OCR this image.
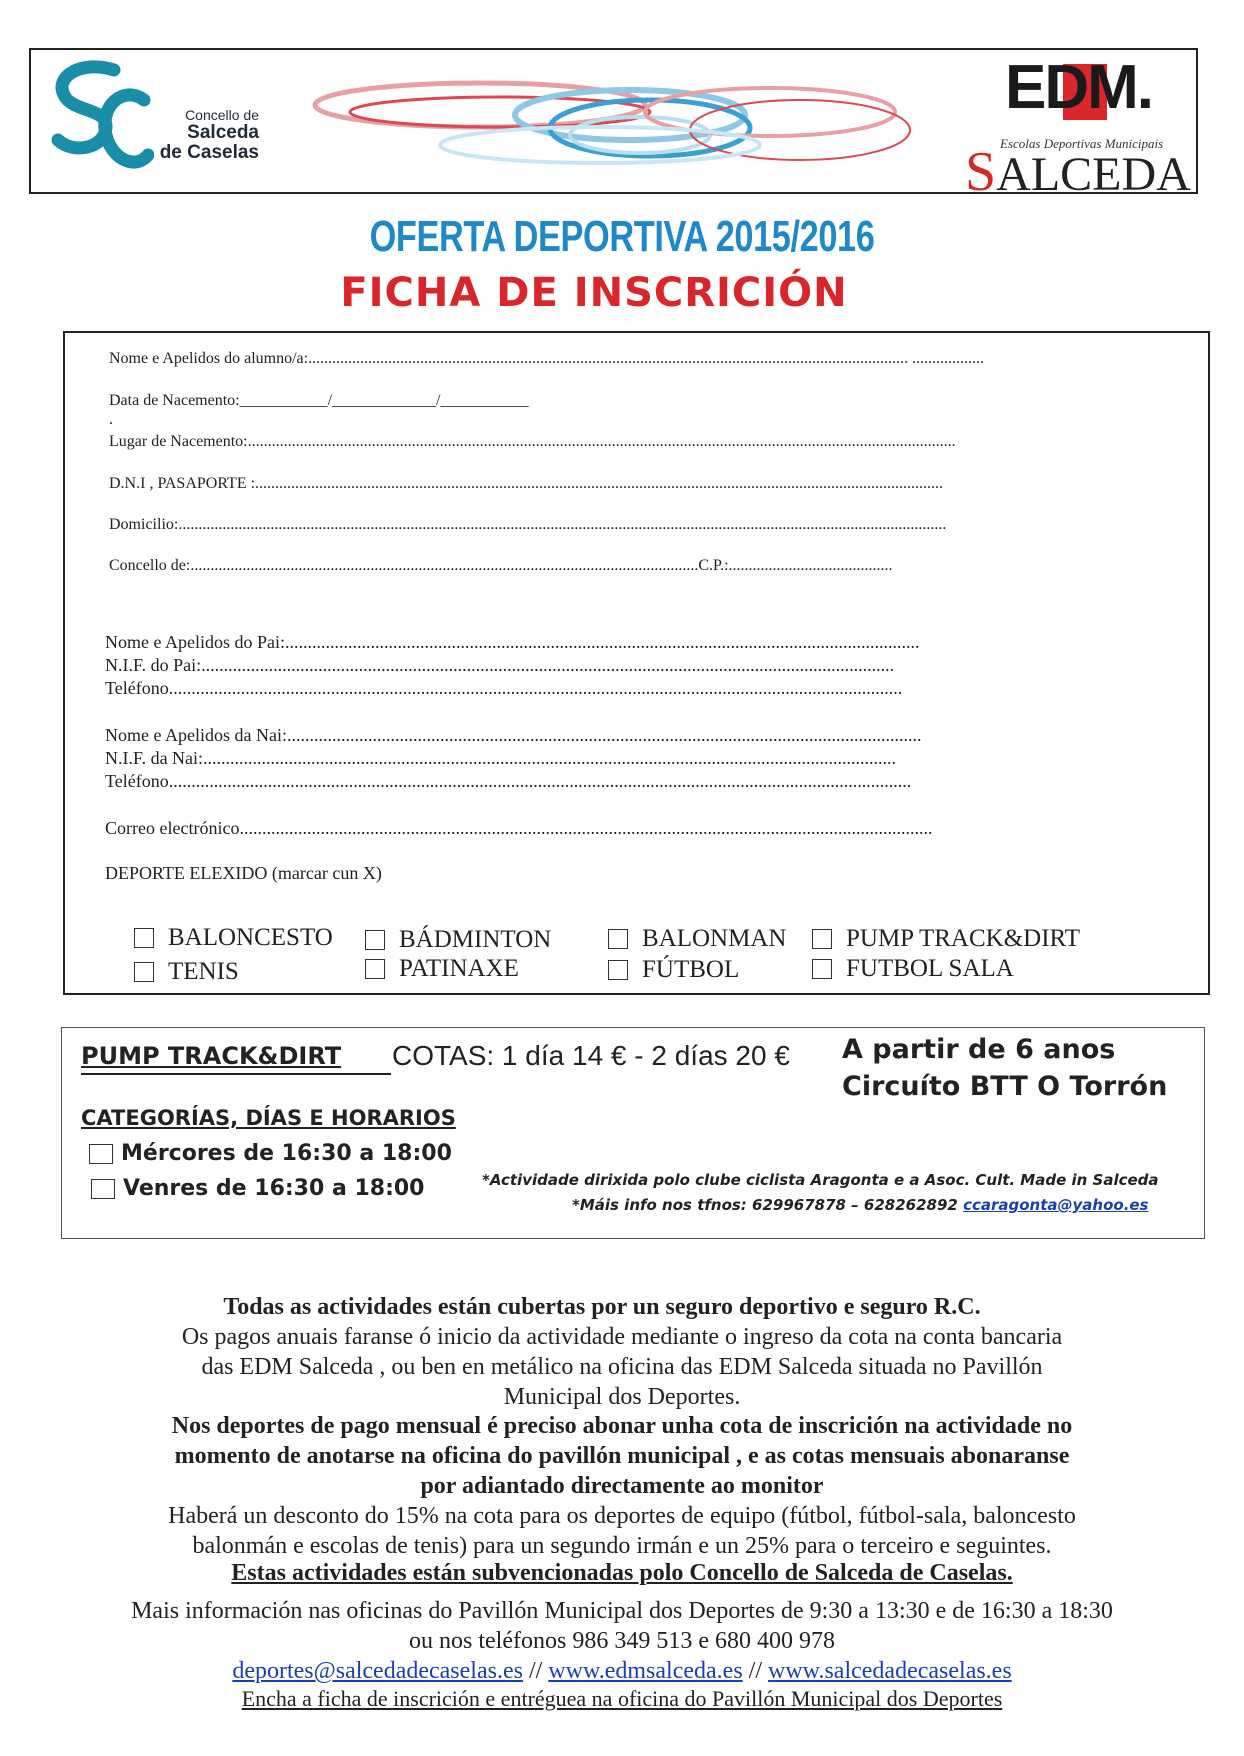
Concello de
Salceda
de Caselas
EDM.
Escolas Deportivas Municipais
SALCEDA
OFERTA DEPORTIVA 2015/2016
FICHA DE INSCRICIÓN
Nome e Apelidos do alumno/a:...................................................................................................................................................... ..................
Data de Nacemento:___________/_____________/___________
.
Lugar de Nacemento:.................................................................................................................................................................................
D.N.I , PASAPORTE :............................................................................................................................................................................
Domicilio:................................................................................................................................................................................................
Concello de:...............................................................................................................................C.P.:.........................................
Nome e Apelidos do Pai:.............................................................................................................................................
N.I.F. do Pai:..........................................................................................................................................................
Teléfono...................................................................................................................................................................
Nome e Apelidos da Nai:.............................................................................................................................................
N.I.F. da Nai:..........................................................................................................................................................
Teléfono.....................................................................................................................................................................
Correo electrónico..........................................................................................................................................................
DEPORTE ELEXIDO (marcar cun X)
BALONCESTO
TENIS
BÁDMINTON
PATINAXE
BALONMAN
FÚTBOL
PUMP TRACK&DIRT
FUTBOL SALA
PUMP TRACK&DIRT COTAS: 1 día 14 € - 2 días 20 € A partir de 6 anos
Circuíto BTT O Torrón
CATEGORÍAS, DÍAS E HORARIOS
Mércores de 16:30 a 18:00
Venres de 16:30 a 18:00	*Actividade dirixida polo clube ciclista Aragonta e a Asoc. Cult. Made in Salceda
*Máis info nos tfnos: 629967878 – 628262892 ccaragonta@yahoo.es
Todas as actividades están cubertas por un seguro deportivo e seguro R.C.
Os pagos anuais faranse ó inicio da actividade mediante o ingreso da cota na conta bancaria
das EDM Salceda , ou ben en metálico na oficina das EDM Salceda situada no Pavillón
Municipal dos Deportes.
Nos deportes de pago mensual é preciso abonar unha cota de inscrición na actividade no
momento de anotarse na oficina do pavillón municipal , e as cotas mensuais abonaranse
por adiantado directamente ao monitor
Haberá un desconto do 15% na cota para os deportes de equipo (fútbol, fútbol-sala, baloncesto
balonmán e escolas de tenis) para un segundo irmán e un 25% para o terceiro e seguintes.
Estas actividades están subvencionadas polo Concello de Salceda de Caselas.
Mais información nas oficinas do Pavillón Municipal dos Deportes de 9:30 a 13:30 e de 16:30 a 18:30
ou nos teléfonos 986 349 513 e 680 400 978
deportes@salcedadecaselas.es // www.edmsalceda.es // www.salcedadecaselas.es
Encha a ficha de inscrición e entréguea na oficina do Pavillón Municipal dos Deportes
